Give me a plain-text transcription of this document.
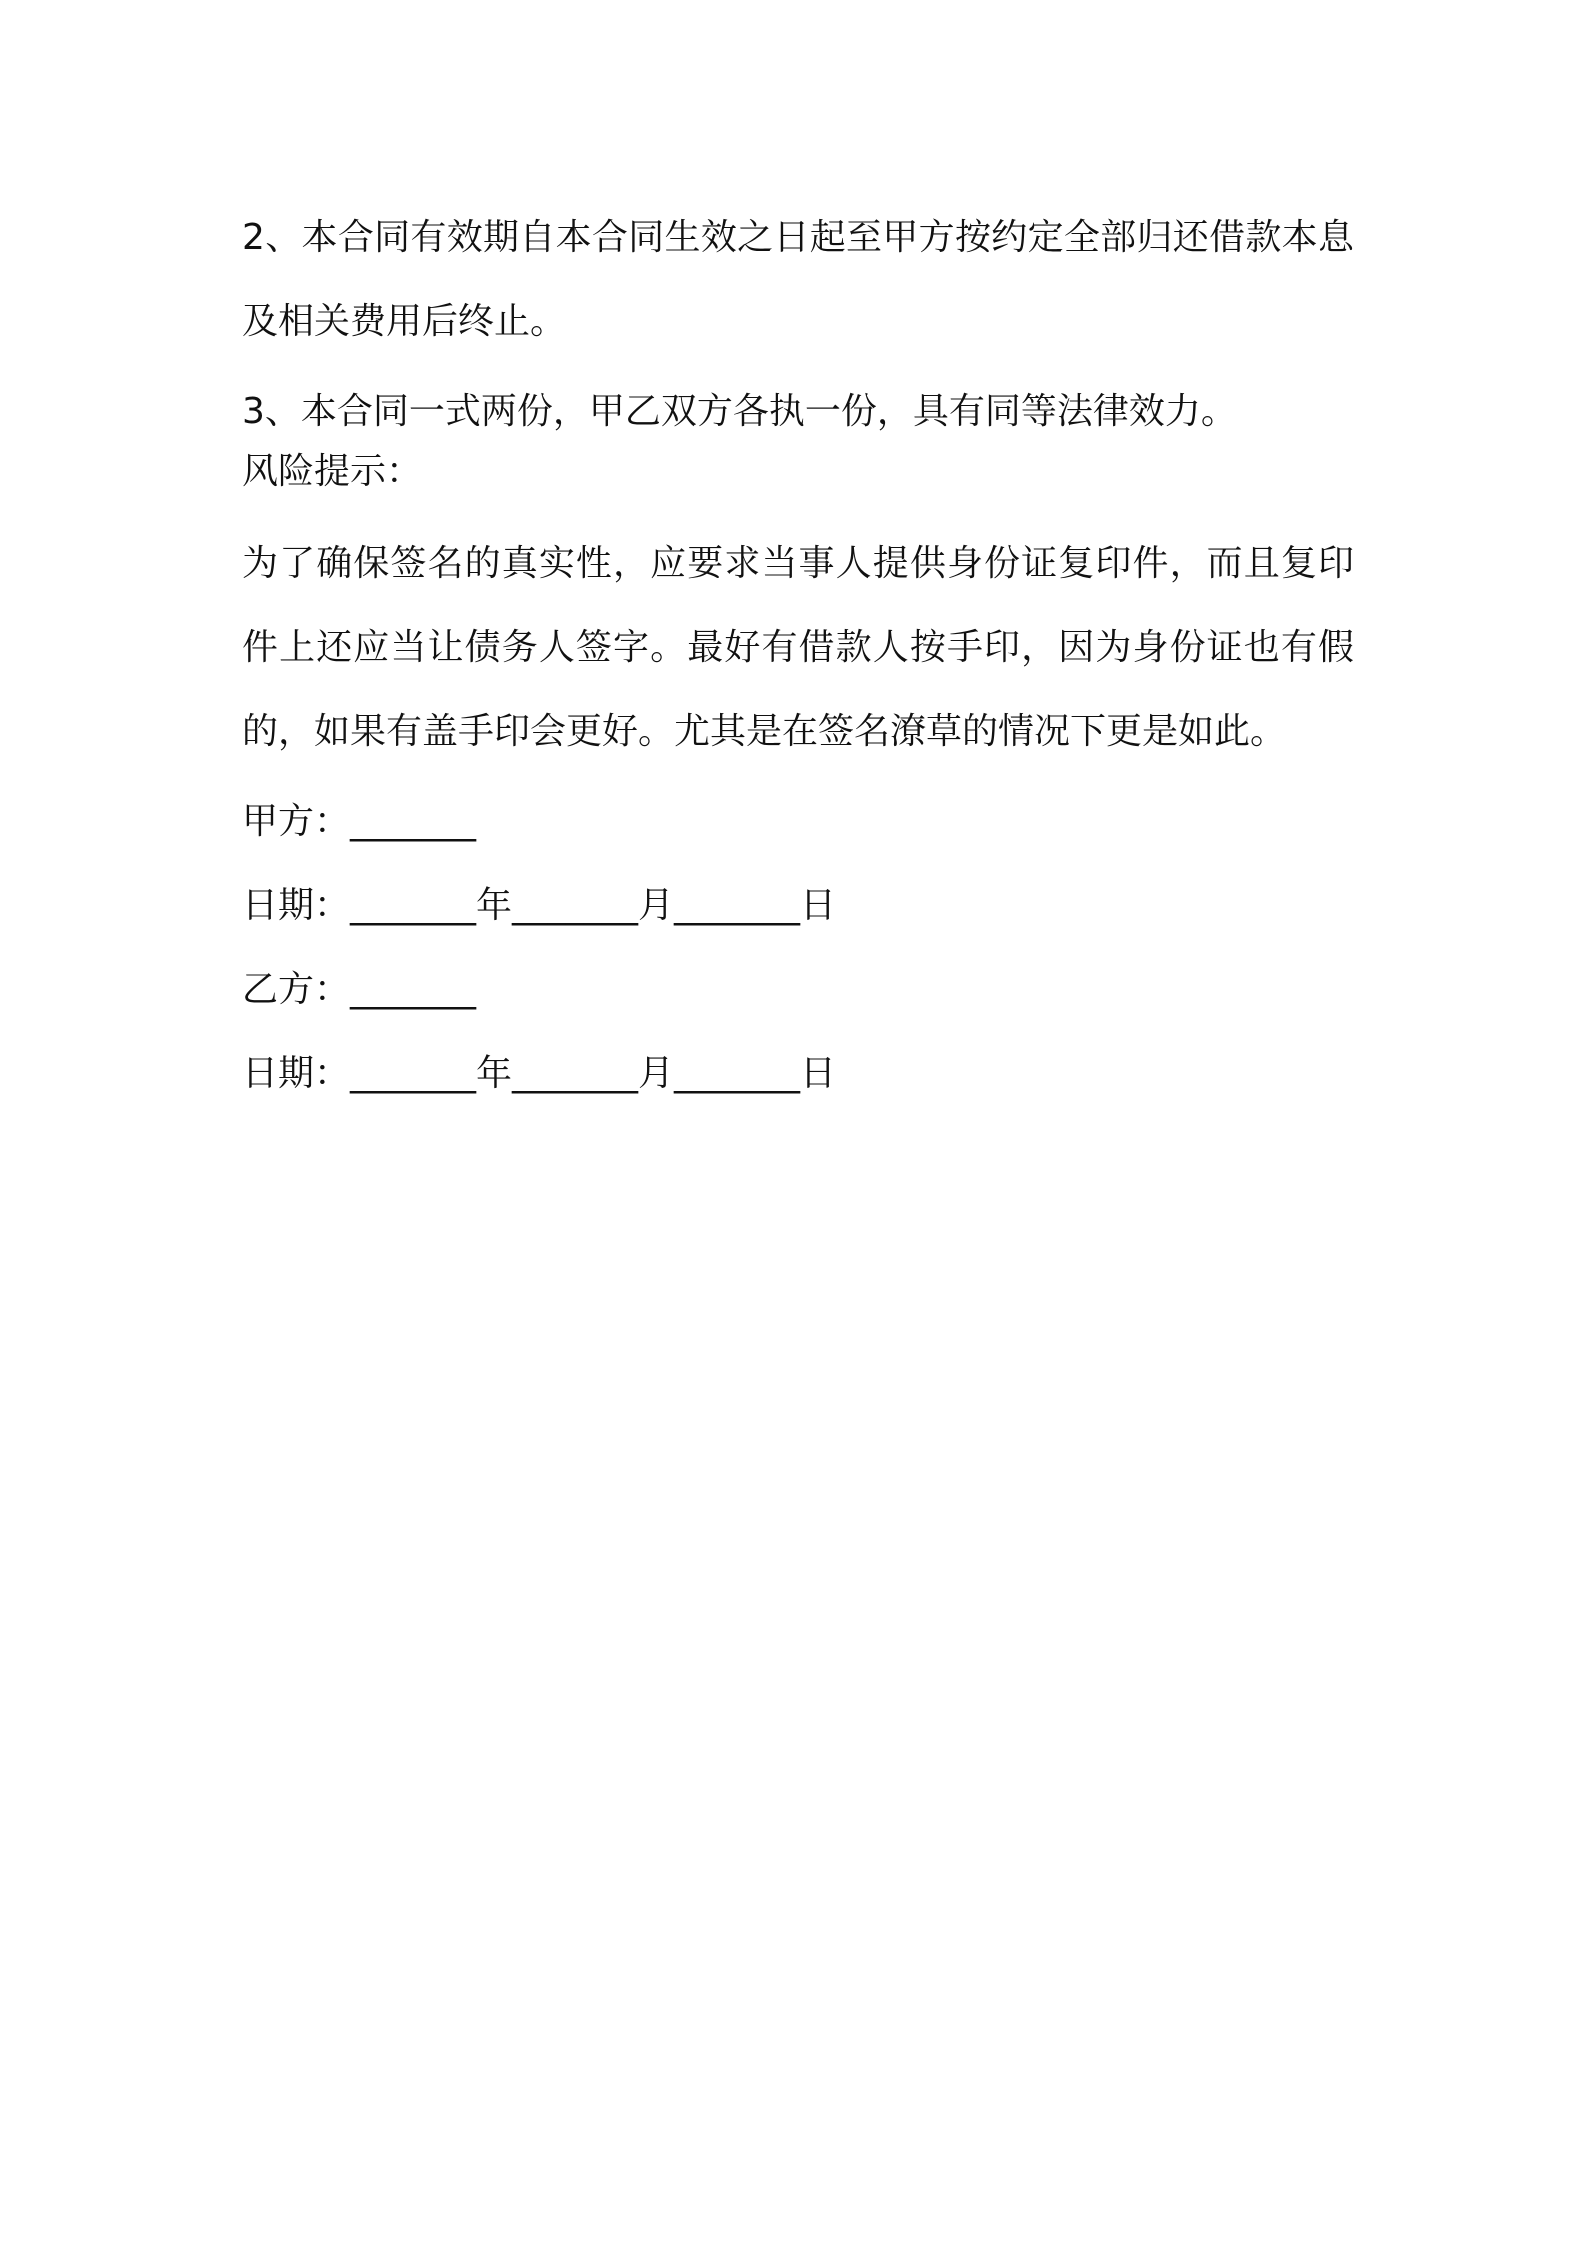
2、本合同有效期自本合同生效之日起至甲方按约定全部归还借款本息及相关费用后终止。

3、本合同一式两份，甲乙双方各执一份，具有同等法律效力。

风险提示：

为了确保签名的真实性，应要求当事人提供身份证复印件，而且复印件上还应当让债务人签字。最好有借款人按手印，因为身份证也有假的，如果有盖手印会更好。尤其是在签名潦草的情况下更是如此。

甲方：_______

日期：_______年_______月_______日

乙方：_______

日期：_______年_______月_______日
